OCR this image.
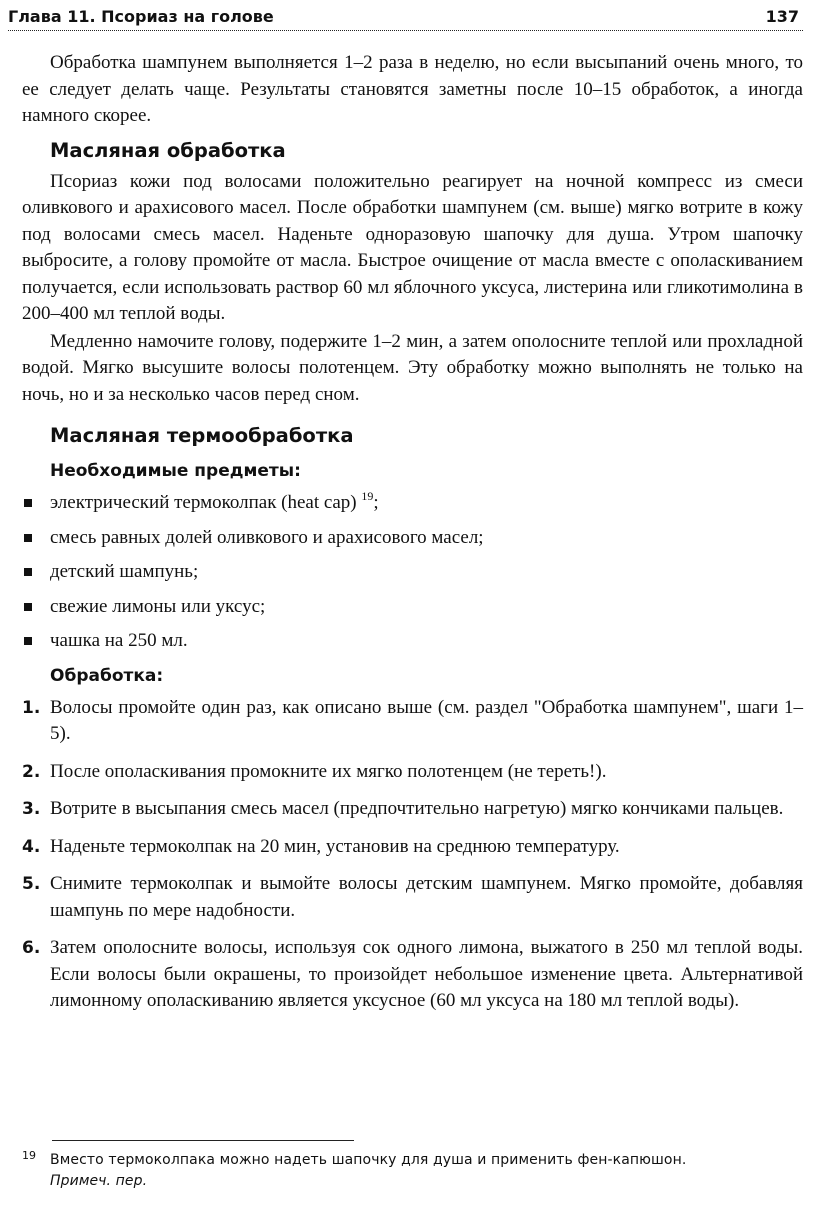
Глава 11. Псориаз на голове	137

Обработка шампунем выполняется 1–2 раза в неделю, но если высыпаний очень много, то ее следует делать чаще. Результаты становятся заметны после 10–15 обработок, а иногда намного скорее.

Масляная обработка

Псориаз кожи под волосами положительно реагирует на ночной компресс из смеси оливкового и арахисового масел. После обработки шампунем (см. выше) мягко вотрите в кожу под волосами смесь масел. Наденьте одноразовую шапочку для душа. Утром шапочку выбросите, а голову промойте от масла. Быстрое очищение от масла вместе с ополаскиванием получается, если использовать раствор 60 мл яблочного уксуса, листерина или гликотимолина в 200–400 мл теплой воды.

Медленно намочите голову, подержите 1–2 мин, а затем ополосните теплой или прохладной водой. Мягко высушите волосы полотенцем. Эту обработку можно выполнять не только на ночь, но и за несколько часов перед сном.

Масляная термообработка
Необходимые предметы:
электрический термоколпак (heat cap) $^{19}$;
смесь равных долей оливкового и арахисового масел;
детский шампунь;
свежие лимоны или уксус;
чашка на 250 мл.
Обработка:
1. Волосы промойте один раз, как описано выше (см. раздел "Обработка шампунем", шаги 1–5).
2. После ополаскивания промокните их мягко полотенцем (не тереть!).
3. Вотрите в высыпания смесь масел (предпочтительно нагретую) мягко кончиками пальцев.
4. Наденьте термоколпак на 20 мин, установив на среднюю температуру.
5. Снимите термоколпак и вымойте волосы детским шампунем. Мягко промойте, добавляя шампунь по мере надобности.
6. Затем ополосните волосы, используя сок одного лимона, выжатого в 250 мл теплой воды. Если волосы были окрашены, то произойдет небольшое изменение цвета. Альтернативой лимонному ополаскиванию является уксусное (60 мл уксуса на 180 мл теплой воды).
19	Вместо термоколпака можно надеть шапочку для душа и применить фен-капюшон.
Примеч. пер.
